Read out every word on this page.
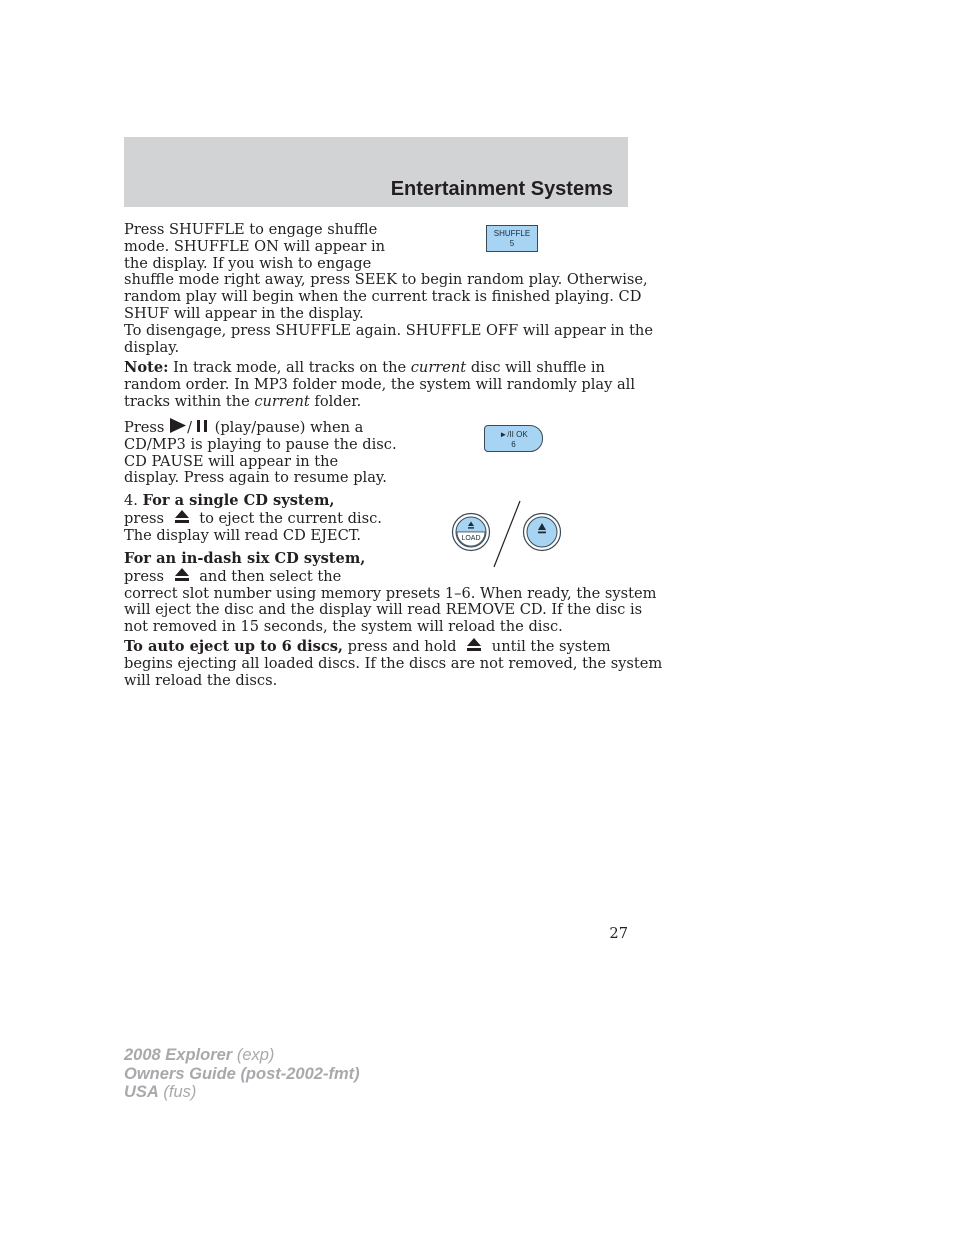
Entertainment Systems

Press SHUFFLE to engage shuffle
mode. SHUFFLE ON will appear in
the display. If you wish to engage
shuffle mode right away, press SEEK to begin random play. Otherwise,
random play will begin when the current track is finished playing. CD
SHUF will appear in the display.
To disengage, press SHUFFLE again. SHUFFLE OFF will appear in the
display.

SHUFFLE
5

Note: In track mode, all tracks on the current disc will shuffle in
random order. In MP3 folder mode, the system will randomly play all
tracks within the current folder.

Press / (play/pause) when a
CD/MP3 is playing to pause the disc.
CD PAUSE will appear in the
display. Press again to resume play.

►/II OK
6

4. For a single CD system,
press to eject the current disc.
The display will read CD EJECT.	LOAD

For an in-dash six CD system,
press and then select the
correct slot number using memory presets 1–6. When ready, the system
will eject the disc and the display will read REMOVE CD. If the disc is
not removed in 15 seconds, the system will reload the disc.

To auto eject up to 6 discs, press and hold until the system
begins ejecting all loaded discs. If the discs are not removed, the system
will reload the discs.

27

2008 Explorer (exp)
Owners Guide (post-2002-fmt)
USA (fus)
